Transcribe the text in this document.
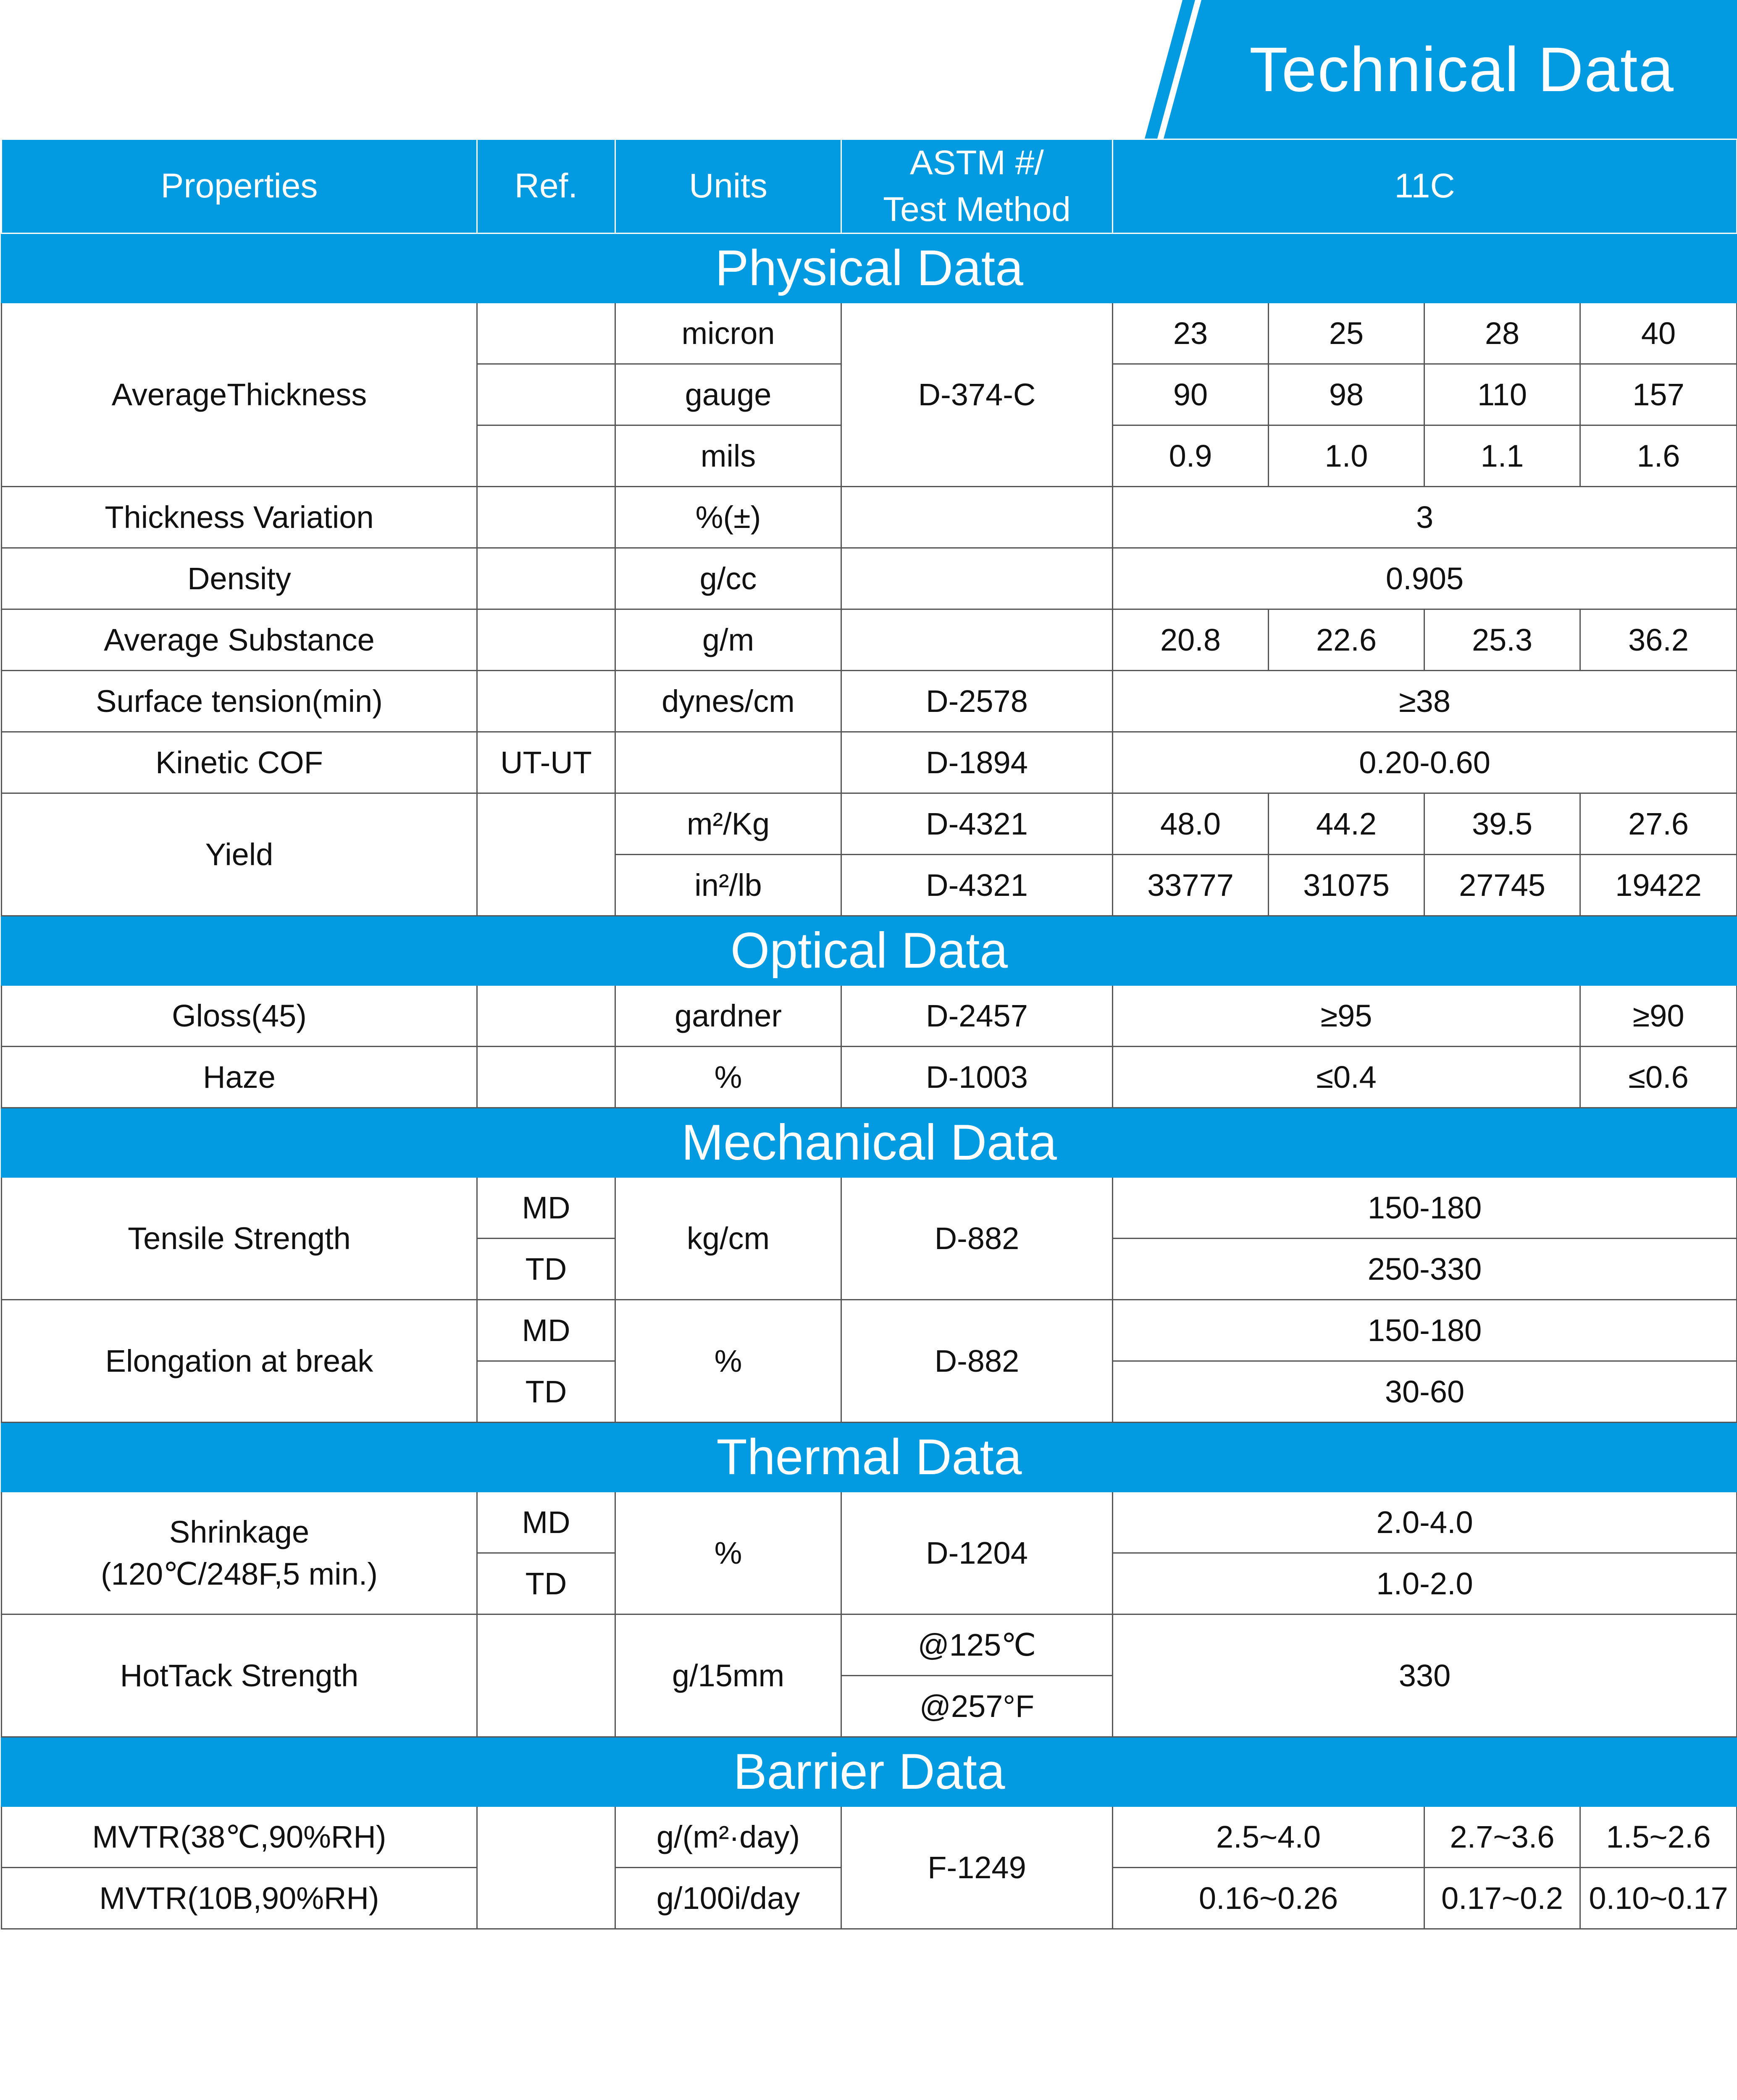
Technical Data
Properties	Ref.	Units	ASTM #/
Test Method	11C			
Physical Data							
AverageThickness		micron	D-374-C	23	25	28	40
		gauge		90	98	110	157
		mils		0.9	1.0	1.1	1.6
Thickness Variation		%(±)		3			
Density		g/cc		0.905			
Average Substance		g/m		20.8	22.6	25.3	36.2
Surface tension(min)		dynes/cm	D-2578	≥38			
Kinetic COF	UT-UT		D-1894	0.20-0.60			
Yield		m²/Kg	D-4321	48.0	44.2	39.5	27.6
		in²/lb	D-4321	33777	31075	27745	19422
Optical Data							
Gloss(45)		gardner	D-2457	≥95			≥90
Haze		%	D-1003	≤0.4			≤0.6
Mechanical Data							
Tensile Strength	MD	kg/cm	D-882	150-180			
	TD			250-330			
Elongation at break	MD	%	D-882	150-180			
	TD			30-60			
Thermal Data							

Shrinkage
(120℃/248F,5 min.)	MD	%	D-1204	2.0-4.0			
	TD			1.0-2.0			
HotTack Strength		g/15mm	@125℃	330			
			@257°F				
Barrier Data							
MVTR(38℃,90%RH)		g/(m²·day)	F-1249	2.5~4.0		2.7~3.6	1.5~2.6
MVTR(10B,90%RH)		g/100i/day		0.16~0.26		0.17~0.2	0.10~0.17
